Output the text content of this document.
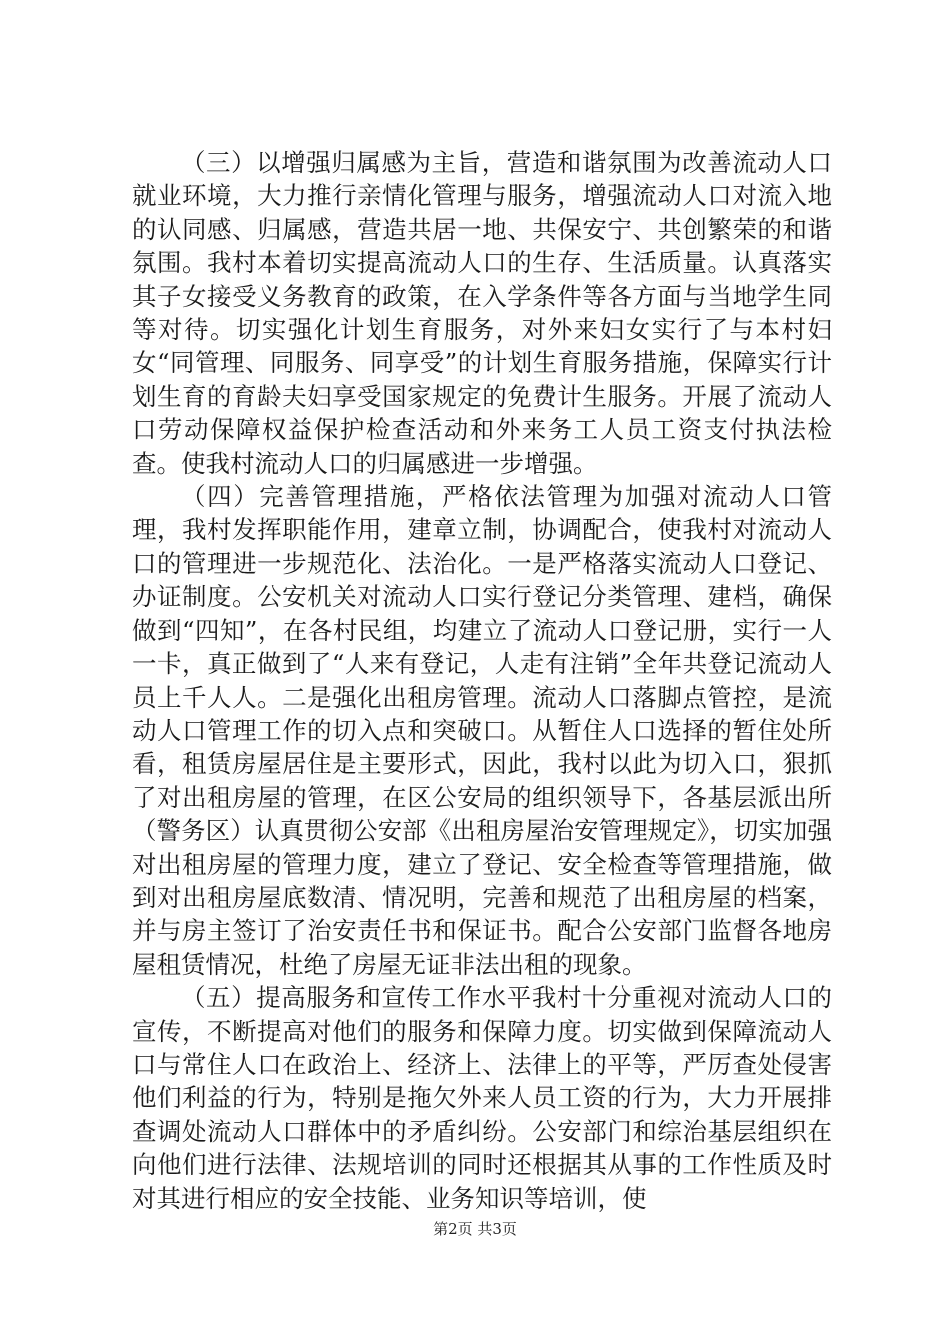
（三）以增强归属感为主旨，营造和谐氛围为改善流动人口就业环境，大力推行亲情化管理与服务，增强流动人口对流入地的认同感、归属感，营造共居一地、共保安宁、共创繁荣的和谐氛围。我村本着切实提高流动人口的生存、生活质量。认真落实其子女接受义务教育的政策，在入学条件等各方面与当地学生同等对待。切实强化计划生育服务，对外来妇女实行了与本村妇女“同管理、同服务、同享受”的计划生育服务措施，保障实行计划生育的育龄夫妇享受国家规定的免费计生服务。开展了流动人口劳动保障权益保护检查活动和外来务工人员工资支付执法检查。使我村流动人口的归属感进一步增强。

（四）完善管理措施，严格依法管理为加强对流动人口管理，我村发挥职能作用，建章立制，协调配合，使我村对流动人口的管理进一步规范化、法治化。一是严格落实流动人口登记、办证制度。公安机关对流动人口实行登记分类管理、建档，确保做到“四知”，在各村民组，均建立了流动人口登记册，实行一人一卡，真正做到了“人来有登记，人走有注销”全年共登记流动人员上千人人。二是强化出租房管理。流动人口落脚点管控，是流动人口管理工作的切入点和突破口。从暂住人口选择的暂住处所看，租赁房屋居住是主要形式，因此，我村以此为切入口，狠抓了对出租房屋的管理，在区公安局的组织领导下，各基层派出所（警务区）认真贯彻公安部《出租房屋治安管理规定》，切实加强对出租房屋的管理力度，建立了登记、安全检查等管理措施，做到对出租房屋底数清、情况明，完善和规范了出租房屋的档案，并与房主签订了治安责任书和保证书。配合公安部门监督各地房屋租赁情况，杜绝了房屋无证非法出租的现象。

（五）提高服务和宣传工作水平我村十分重视对流动人口的宣传，不断提高对他们的服务和保障力度。切实做到保障流动人口与常住人口在政治上、经济上、法律上的平等，严厉查处侵害他们利益的行为，特别是拖欠外来人员工资的行为，大力开展排查调处流动人口群体中的矛盾纠纷。公安部门和综治基层组织在向他们进行法律、法规培训的同时还根据其从事的工作性质及时对其进行相应的安全技能、业务知识等培训，使

第2页 共3页
